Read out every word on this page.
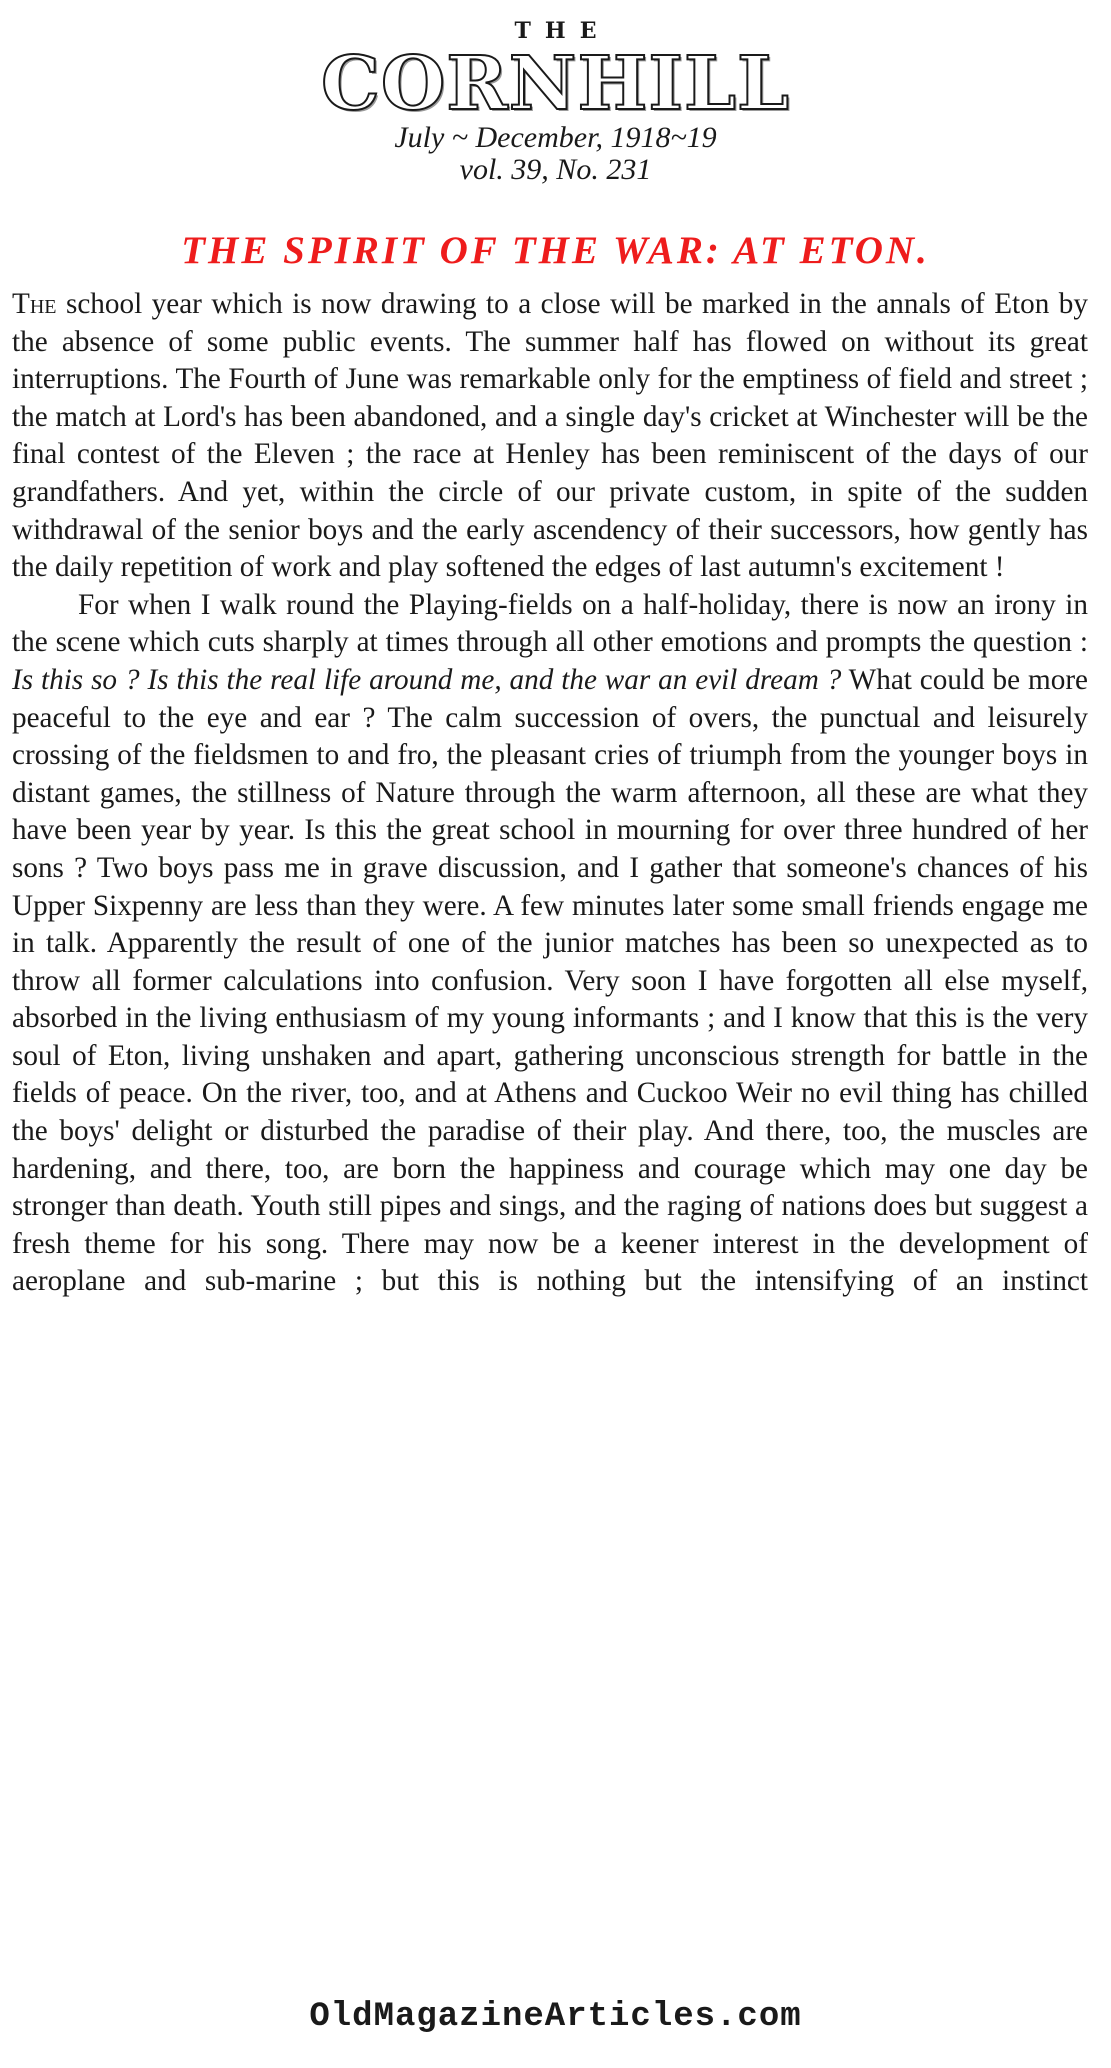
THE
CORNHILL
July ~ December, 1918~19
vol. 39, No. 231
THE SPIRIT OF THE WAR: AT ETON.

The school year which is now drawing to a close will be marked in the annals of Eton by the absence of some public events. The summer half has flowed on without its great interruptions. The Fourth of June was remarkable only for the emptiness of field and street ; the match at Lord's has been abandoned, and a single day's cricket at Winchester will be the final contest of the Eleven ; the race at Henley has been reminiscent of the days of our grandfathers. And yet, within the circle of our private custom, in spite of the sudden withdrawal of the senior boys and the early ascendency of their successors, how gently has the daily repetition of work and play softened the edges of last autumn's excitement !

For when I walk round the Playing-fields on a half-holiday, there is now an irony in the scene which cuts sharply at times through all other emotions and prompts the question : Is this so ? Is this the real life around me, and the war an evil dream ? What could be more peaceful to the eye and ear ? The calm succession of overs, the punctual and leisurely crossing of the fieldsmen to and fro, the pleasant cries of triumph from the younger boys in distant games, the stillness of Nature through the warm afternoon, all these are what they have been year by year. Is this the great school in mourning for over three hundred of her sons ? Two boys pass me in grave discussion, and I gather that someone's chances of his Upper Sixpenny are less than they were. A few minutes later some small friends engage me in talk. Apparently the result of one of the junior matches has been so unexpected as to throw all former calculations into confusion. Very soon I have forgotten all else myself, absorbed in the living enthusiasm of my young informants ; and I know that this is the very soul of Eton, living unshaken and apart, gathering unconscious strength for battle in the fields of peace. On the river, too, and at Athens and Cuckoo Weir no evil thing has chilled the boys' delight or disturbed the paradise of their play. And there, too, the muscles are hardening, and there, too, are born the happiness and courage which may one day be stronger than death. Youth still pipes and sings, and the raging of nations does but suggest a fresh theme for his song. There may now be a keener interest in the development of aeroplane and sub-marine ; but this is nothing but the intensifying of an instinct

OldMagazineArticles.com
